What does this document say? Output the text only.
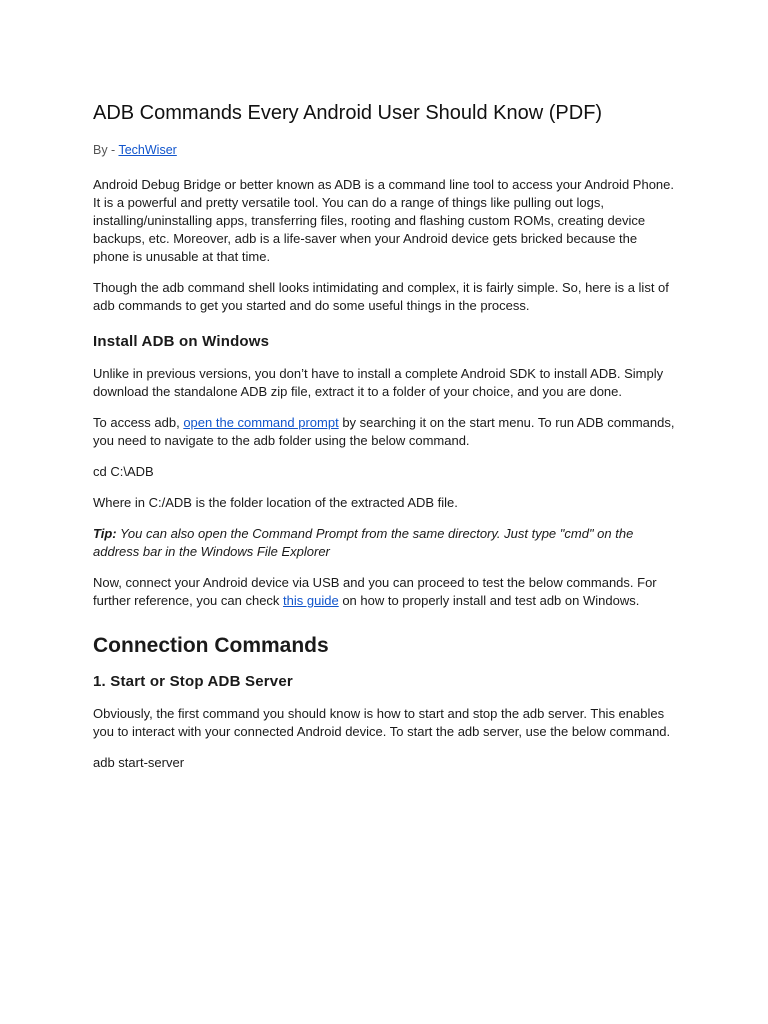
ADB Commands Every Android User Should Know (PDF)
By - TechWiser

Android Debug Bridge or better known as ADB is a command line tool to access your Android Phone. It is a powerful and pretty versatile tool. You can do a range of things like pulling out logs, installing/uninstalling apps, transferring files, rooting and flashing custom ROMs, creating device backups, etc. Moreover, adb is a life-saver when your Android device gets bricked because the phone is unusable at that time.

Though the adb command shell looks intimidating and complex, it is fairly simple. So, here is a list of adb commands to get you started and do some useful things in the process.

Install ADB on Windows

Unlike in previous versions, you don’t have to install a complete Android SDK to install ADB. Simply download the standalone ADB zip file, extract it to a folder of your choice, and you are done.

To access adb, open the command prompt by searching it on the start menu. To run ADB commands, you need to navigate to the adb folder using the below command.

cd C:\ADB

Where in C:/ADB is the folder location of the extracted ADB file.

Tip: You can also open the Command Prompt from the same directory. Just type "cmd" on the address bar in the Windows File Explorer

Now, connect your Android device via USB and you can proceed to test the below commands. For further reference, you can check this guide on how to properly install and test adb on Windows.

Connection Commands
1. Start or Stop ADB Server

Obviously, the first command you should know is how to start and stop the adb server. This enables you to interact with your connected Android device. To start the adb server, use the below command.

adb start-server
